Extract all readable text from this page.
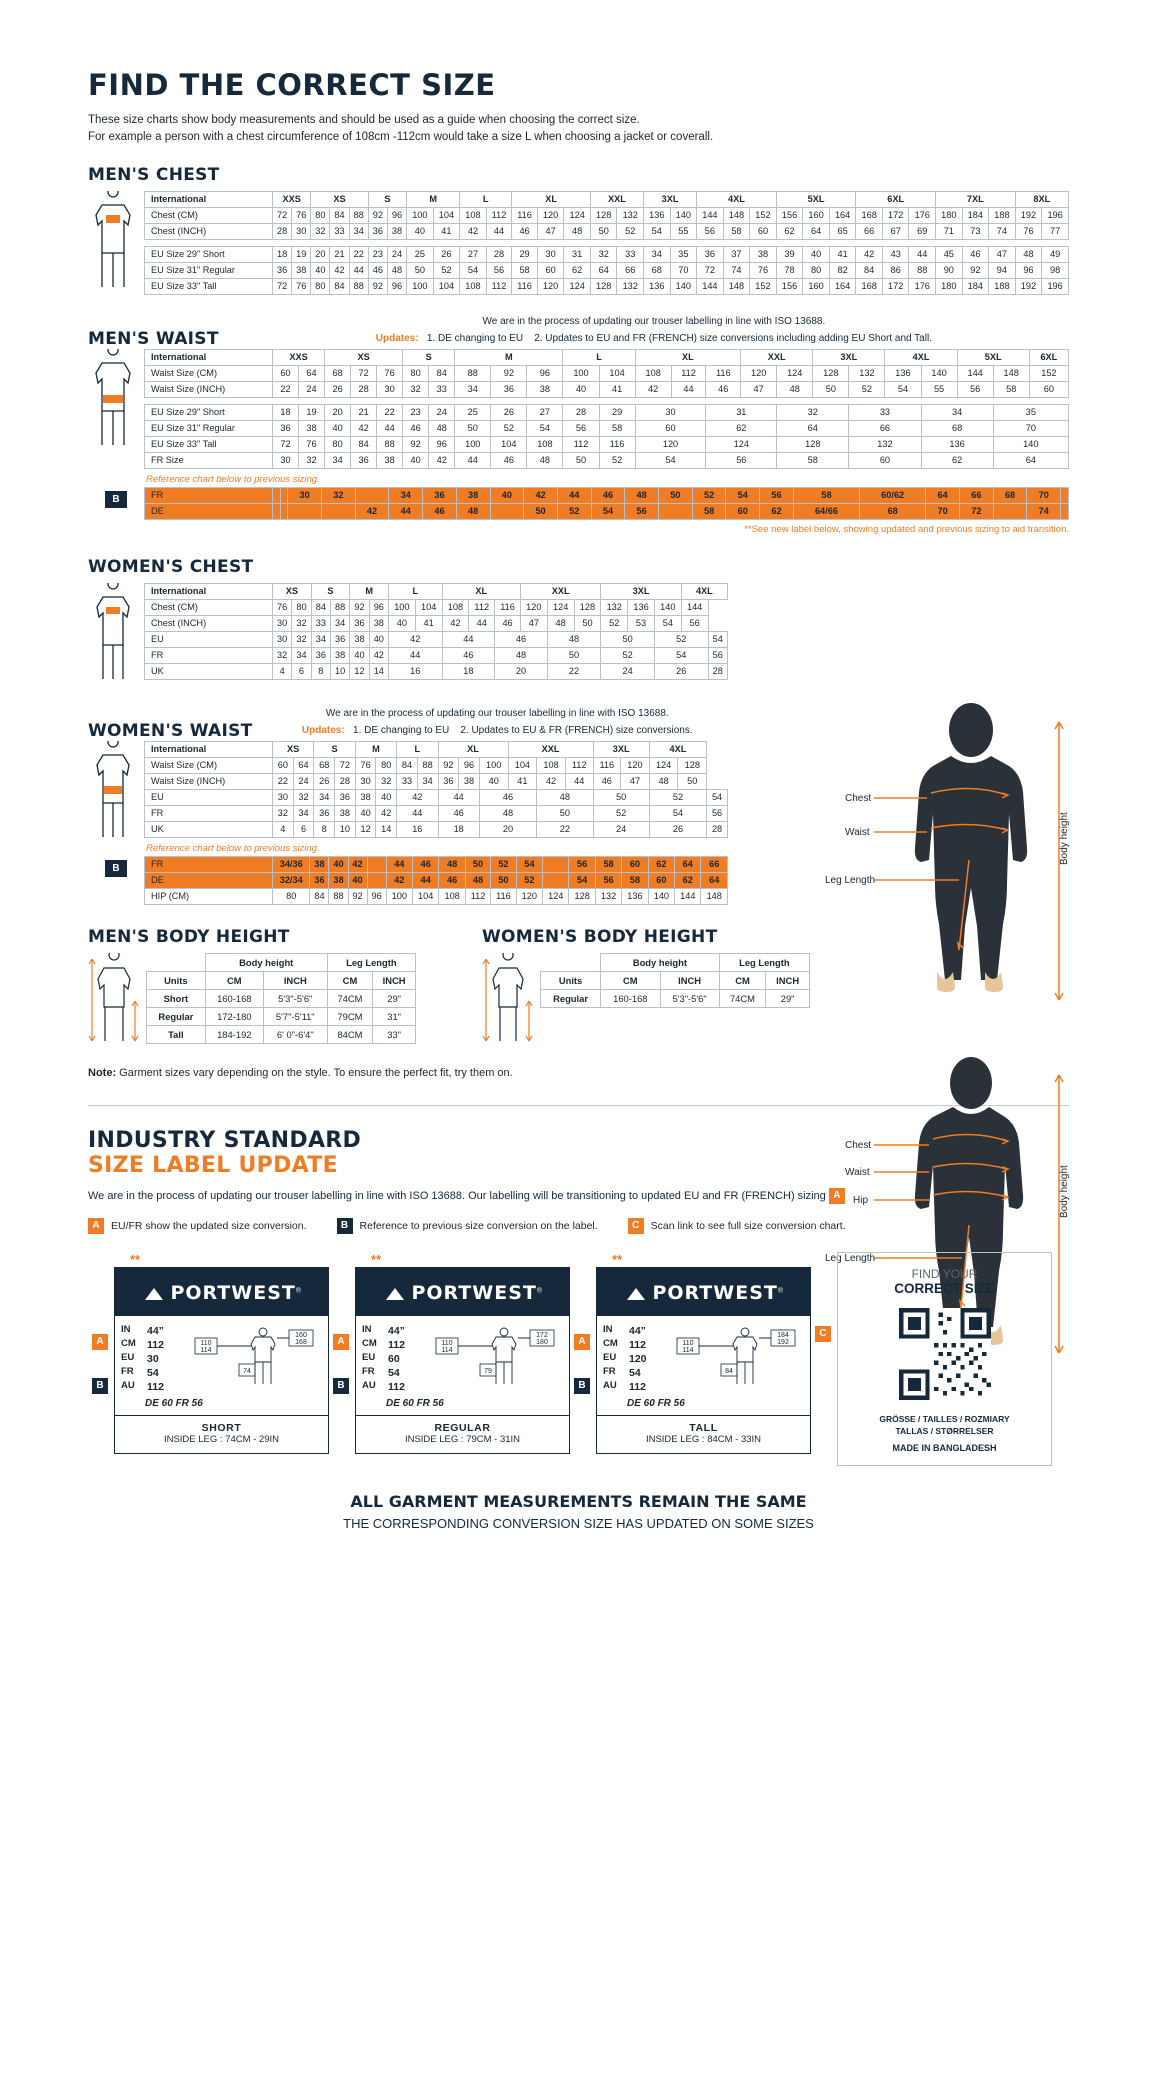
FIND THE CORRECT SIZE
These size charts show body measurements and should be used as a guide when choosing the correct size.
For example a person with a chest circumference of 108cm -112cm would take a size L when choosing a jacket or coverall.
MEN'S CHEST
International	XXS		XS			S		M		L		XL			XXL		3XL		4XL			5XL			6XL			7XL			8XL	
Chest (CM)	72	76	80	84	88	92	96	100	104	108	112	116	120	124	128	132	136	140	144	148	152	156	160	164	168	172	176	180	184	188	192	196
Chest (INCH)	28	30	32	33	34	36	38	40	41	42	44	46	47	48	50	52	54	55	56	58	60	62	64	65	66	67	69	71	73	74	76	77

EU Size 29" Short	18	19	20	21	22	23	24	25	26	27	28	29	30	31	32	33	34	35	36	37	38	39	40	41	42	43	44	45	46	47	48	49
EU Size 31" Regular	36	38	40	42	44	46	48	50	52	54	56	58	60	62	64	66	68	70	72	74	76	78	80	82	84	86	88	90	92	94	96	98
EU Size 33" Tall	72	76	80	84	88	92	96	100	104	108	112	116	120	124	128	132	136	140	144	148	152	156	160	164	168	172	176	180	184	188	192	196
MEN'S WAIST
We are in the process of updating our trouser labelling in line with ISO 13688.
Updates: 1. DE changing to EU 2. Updates to EU and FR (FRENCH) size conversions including adding EU Short and Tall.
International	XXS		XS			S		M			L		XL			XXL		3XL		4XL		5XL		6XL
Waist Size (CM)	60	64	68	72	76	80	84	88	92	96	100	104	108	112	116	120	124	128	132	136	140	144	148	152
Waist Size (INCH)	22	24	26	28	30	32	33	34	36	38	40	41	42	44	46	47	48	50	52	54	55	56	58	60

EU Size 29" Short	18	19	20	21	22	23	24	25	26	27	28	29	30		31		32		33		34		35	
EU Size 31" Regular	36	38	40	42	44	46	48	50	52	54	56	58	60		62		64		66		68		70	
EU Size 33" Tall	72	76	80	84	88	92	96	100	104	108	112	116	120		124		128		132		136		140	
FR Size	30	32	34	36	38	40	42	44	46	48	50	52	54		56		58		60		62		64	
Reference chart below to previous sizing.
B	FR			30	32		34	36	38	40	42	44	46	48	50	52	54	56	58	60/62	64	66	68	70	
DE					42	44	46	48		50	52	54	56		58	60	62	64/66	68	70	72		74	
**See new label below, showing updated and previous sizing to aid transition.
WOMEN'S CHEST
International	XS		S		M		L		XL			XXL			3XL			4XL	
Chest (CM)	76	80	84	88	92	96	100	104	108	112	116	120	124	128	132	136	140	144	
Chest (INCH)	30	32	33	34	36	38	40	41	42	44	46	47	48	50	52	53	54	56	
EU	30	32	34	36	38	40	42		44		46		48		50		52		54
FR	32	34	36	38	40	42	44		46		48		50		52		54		56
UK	4	6	8	10	12	14	16		18		20		22		24		26		28
WOMEN'S WAIST
We are in the process of updating our trouser labelling in line with ISO 13688.
Updates: 1. DE changing to EU 2. Updates to EU & FR (FRENCH) size conversions.
International	XS		S		M		L		XL			XXL			3XL		4XL		
Waist Size (CM)	60	64	68	72	76	80	84	88	92	96	100	104	108	112	116	120	124	128	
Waist Size (INCH)	22	24	26	28	30	32	33	34	36	38	40	41	42	44	46	47	48	50	
EU	30	32	34	36	38	40	42		44		46		48		50		52		54
FR	32	34	36	38	40	42	44		46		48		50		52		54		56
UK	4	6	8	10	12	14	16		18		20		22		24		26		28
Reference chart below to previous sizing.
B	FR	34/36	38	40	42		44	46	48	50	52	54		56	58	60	62	64	66
DE	32/34	36	38	40		42	44	46	48	50	52		54	56	58	60	62	64
HIP (CM)	80	84	88	92	96	100	104	108	112	116	120	124	128	132	136	140	144	148
MEN'S BODY HEIGHT
	Body height		Leg Length	
Units	CM	INCH	CM	INCH
Short	160-168	5'3"-5'6"	74CM	29"
Regular	172-180	5'7"-5'11"	79CM	31"
Tall	184-192	6' 0"-6'4"	84CM	33"
WOMEN'S BODY HEIGHT
	Body height		Leg Length	
Units	CM	INCH	CM	INCH
Regular	160-168	5'3"-5'6"	74CM	29"
Note: Garment sizes vary depending on the style. To ensure the perfect fit, try them on.
Chest
Waist
Leg Length
Body height
Chest
Waist
Hip
Leg Length
Body height
INDUSTRY STANDARD
SIZE LABEL UPDATE
We are in the process of updating our trouser labelling in line with ISO 13688. Our labelling will be transitioning to updated EU and FR (FRENCH) sizing A
A	EU/FR show the updated size conversion.	B	Reference to previous size conversion on the label.	C	Scan link to see full size conversion chart.
**
PORTWEST®
IN	44”
CM	112
EU	30
FR	54
AU	112
110
114
160
168
74
DE 60 FR 56
SHORT
INSIDE LEG : 74CM - 29IN
A
B
**
PORTWEST®
IN	44”
CM	112
EU	60
FR	54
AU	112
110
114
172
180
79
DE 60 FR 56
REGULAR
INSIDE LEG : 79CM - 31IN
A
B
**
PORTWEST®
IN	44”
CM	112
EU	120
FR	54
AU	112
110
114
184
192
84
DE 60 FR 56
TALL
INSIDE LEG : 84CM - 33IN
A
B
C
FIND YOUR
CORRECT SIZE
GRÖSSE / TAILLES / ROZMIARY
TALLAS / STØRRELSER
MADE IN BANGLADESH
ALL GARMENT MEASUREMENTS REMAIN THE SAME
THE CORRESPONDING CONVERSION SIZE HAS UPDATED ON SOME SIZES
